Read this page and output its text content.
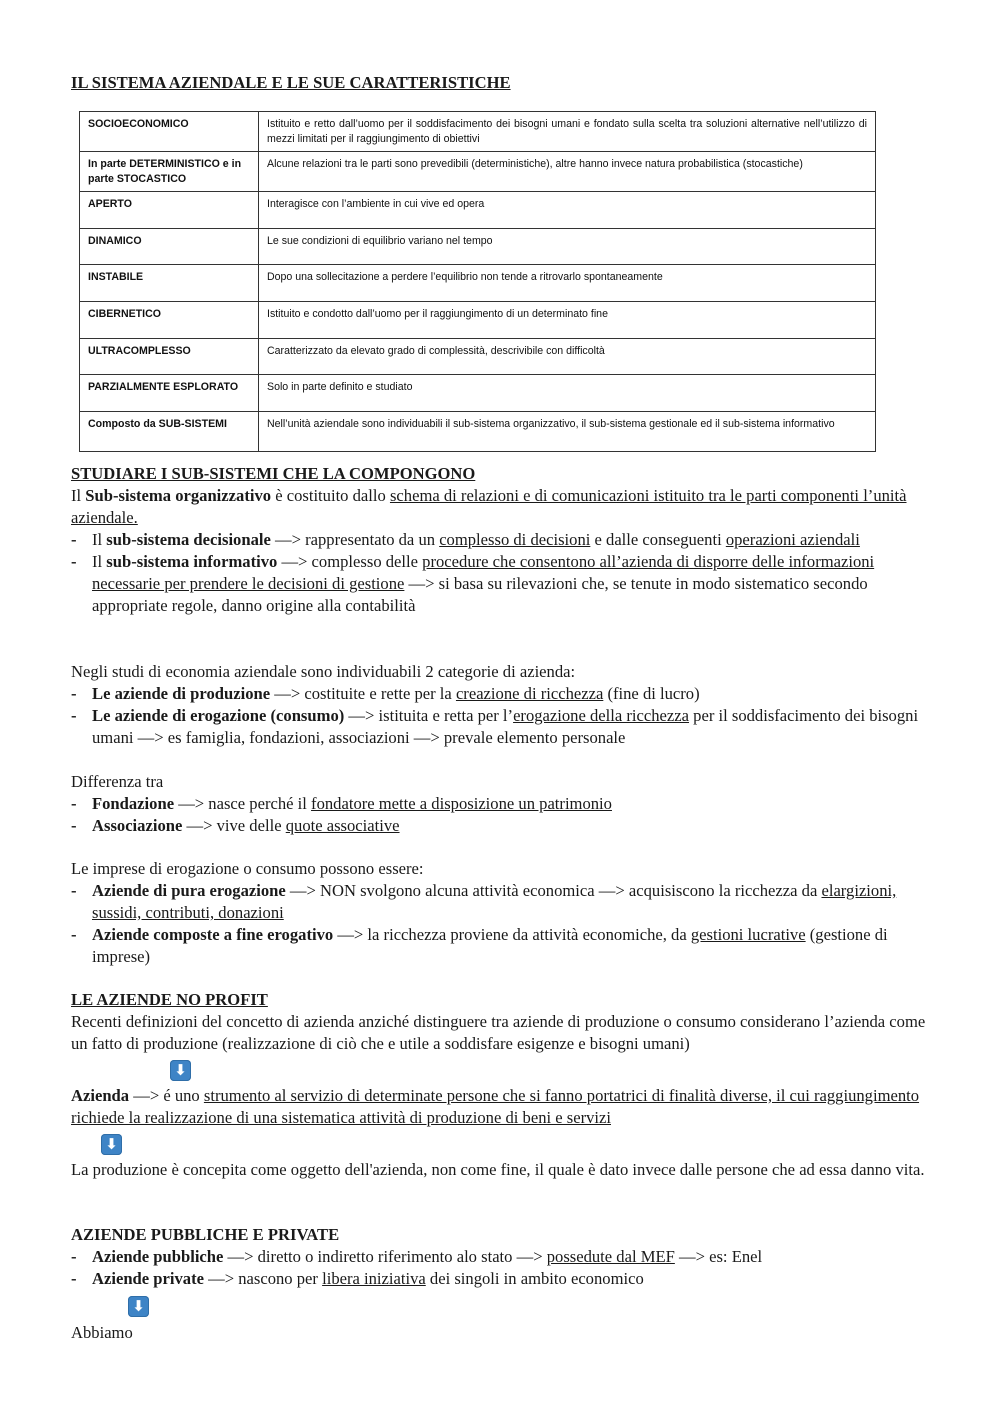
IL SISTEMA AZIENDALE E LE SUE CARATTERISTICHE
SOCIOECONOMICO	Istituito e retto dall’uomo per il soddisfacimento dei bisogni umani e fondato sulla scelta tra soluzioni alternative nell’utilizzo di mezzi limitati per il raggiungimento di obiettivi
In parte DETERMINISTICO e in parte STOCASTICO	Alcune relazioni tra le parti sono prevedibili (deterministiche), altre hanno invece natura probabilistica (stocastiche)
APERTO	Interagisce con l’ambiente in cui vive ed opera
DINAMICO	Le sue condizioni di equilibrio variano nel tempo
INSTABILE	Dopo una sollecitazione a perdere l’equilibrio non tende a ritrovarlo spontaneamente
CIBERNETICO	Istituito e condotto dall’uomo per il raggiungimento di un determinato fine
ULTRACOMPLESSO	Caratterizzato da elevato grado di complessità, descrivibile con difficoltà
PARZIALMENTE ESPLORATO	Solo in parte definito e studiato
Composto da SUB-SISTEMI	Nell’unità aziendale sono individuabili il sub-sistema organizzativo, il sub-sistema gestionale ed il sub-sistema informativo
STUDIARE I SUB-SISTEMI CHE LA COMPONGONO
Il Sub-sistema organizzativo è costituito dallo schema di relazioni e di comunicazioni istituito tra le parti componenti l’unità aziendale.
- Il sub-sistema decisionale —> rappresentato da un complesso di decisioni e dalle conseguenti operazioni aziendali
- Il sub-sistema informativo —> complesso delle procedure che consentono all’azienda di disporre delle informazioni necessarie per prendere le decisioni di gestione —> si basa su rilevazioni che, se tenute in modo sistematico secondo appropriate regole, danno origine alla contabilità
Negli studi di economia aziendale sono individuabili 2 categorie di azienda:
- Le aziende di produzione —> costituite e rette per la creazione di ricchezza (fine di lucro)
- Le aziende di erogazione (consumo) —> istituita e retta per l’erogazione della ricchezza per il soddisfacimento dei bisogni umani —> es famiglia, fondazioni, associazioni —> prevale elemento personale
Differenza tra
- Fondazione —> nasce perché il fondatore mette a disposizione un patrimonio
- Associazione —> vive delle quote associative
Le imprese di erogazione o consumo possono essere:
- Aziende di pura erogazione —> NON svolgono alcuna attività economica —> acquisiscono la ricchezza da elargizioni, sussidi, contributi, donazioni
- Aziende composte a fine erogativo —> la ricchezza proviene da attività economiche, da gestioni lucrative (gestione di imprese)
LE AZIENDE NO PROFIT
Recenti definizioni del concetto di azienda anziché distinguere tra aziende di produzione o consumo considerano l’azienda come un fatto di produzione (realizzazione di ciò che e utile a soddisfare esigenze e bisogni umani)
⬇
Azienda —> é uno strumento al servizio di determinate persone che si fanno portatrici di finalità diverse, il cui raggiungimento richiede la realizzazione di una sistematica attività di produzione di beni e servizi
⬇
La produzione è concepita come oggetto dell'azienda, non come fine, il quale è dato invece dalle persone che ad essa danno vita.
AZIENDE PUBBLICHE E PRIVATE
- Aziende pubbliche —> diretto o indiretto riferimento alo stato —> possedute dal MEF —> es: Enel
- Aziende private —> nascono per libera iniziativa dei singoli in ambito economico
⬇
Abbiamo
